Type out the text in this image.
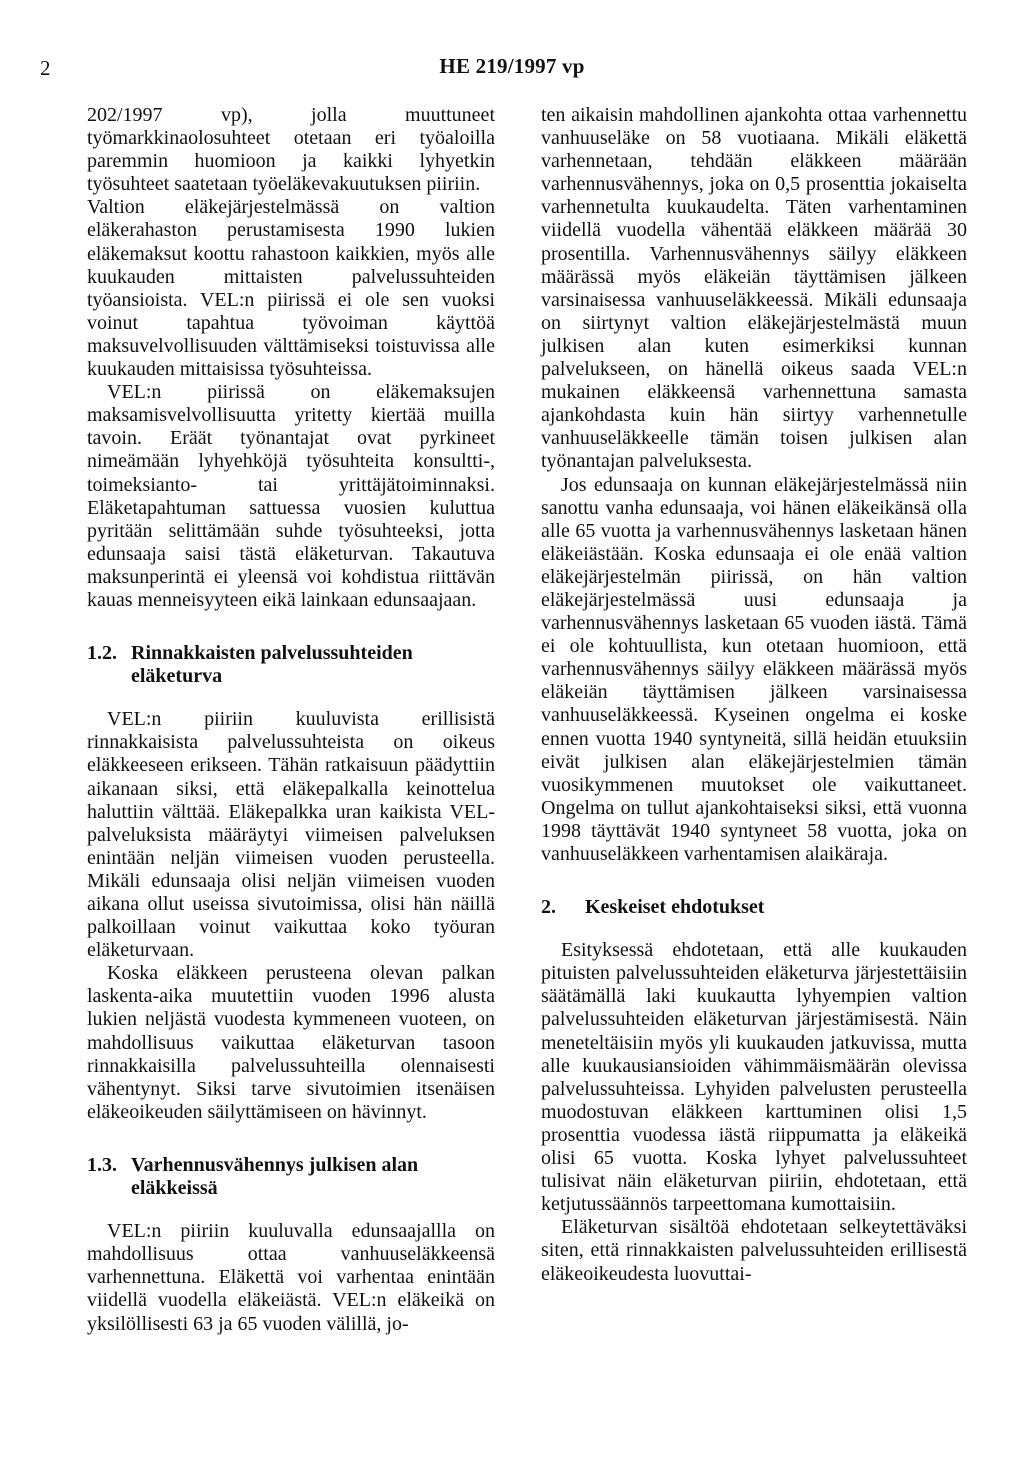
2	HE 219/1997 vp

202/1997 vp), jolla muuttuneet työmarkkinaolosuhteet otetaan eri työaloilla paremmin huomioon ja kaikki lyhyetkin työsuhteet saatetaan työeläkevakuutuksen piiriin.

Valtion eläkejärjestelmässä on valtion eläkerahaston perustamisesta 1990 lukien eläkemaksut koottu rahastoon kaikkien, myös alle kuukauden mittaisten palvelussuhteiden työansioista. VEL:n piirissä ei ole sen vuoksi voinut tapahtua työvoiman käyttöä maksuvelvollisuuden välttämiseksi toistuvissa alle kuukauden mittaisissa työsuhteissa.

VEL:n piirissä on eläkemaksujen maksamisvelvollisuutta yritetty kiertää muilla tavoin. Eräät työnantajat ovat pyrkineet nimeämään lyhyehköjä työsuhteita konsultti-, toimeksianto- tai yrittäjätoiminnaksi. Eläketapahtuman sattuessa vuosien kuluttua pyritään selittämään suhde työsuhteeksi, jotta edunsaaja saisi tästä eläketurvan. Takautuva maksunperintä ei yleensä voi kohdistua riittävän kauas menneisyyteen eikä lainkaan edunsaajaan.

1.2. Rinnakkaisten palvelussuhteiden eläketurva

VEL:n piiriin kuuluvista erillisistä rinnakkaisista palvelussuhteista on oikeus eläkkeeseen erikseen. Tähän ratkaisuun päädyttiin aikanaan siksi, että eläkepalkalla keinottelua haluttiin välttää. Eläkepalkka uran kaikista VEL-palveluksista määräytyi viimeisen palveluksen enintään neljän viimeisen vuoden perusteella. Mikäli edunsaaja olisi neljän viimeisen vuoden aikana ollut useissa sivutoimissa, olisi hän näillä palkoillaan voinut vaikuttaa koko työuran eläketurvaan.

Koska eläkkeen perusteena olevan palkan laskenta-aika muutettiin vuoden 1996 alusta lukien neljästä vuodesta kymmeneen vuoteen, on mahdollisuus vaikuttaa eläketurvan tasoon rinnakkaisilla palvelussuhteilla olennaisesti vähentynyt. Siksi tarve sivutoimien itsenäisen eläkeoikeuden säilyttämiseen on hävinnyt.

1.3. Varhennusvähennys julkisen alan eläkkeissä

VEL:n piiriin kuuluvalla edunsaajallla on mahdollisuus ottaa vanhuuseläkkeensä varhennettuna. Eläkettä voi varhentaa enintään viidellä vuodella eläkeiästä. VEL:n eläkeikä on yksilöllisesti 63 ja 65 vuoden välillä, jo-

ten aikaisin mahdollinen ajankohta ottaa varhennettu vanhuuseläke on 58 vuotiaana. Mikäli eläkettä varhennetaan, tehdään eläkkeen määrään varhennusvähennys, joka on 0,5 prosenttia jokaiselta varhennetulta kuukaudelta. Täten varhentaminen viidellä vuodella vähentää eläkkeen määrää 30 prosentilla. Varhennusvähennys säilyy eläkkeen määrässä myös eläkeiän täyttämisen jälkeen varsinaisessa vanhuuseläkkeessä. Mikäli edunsaaja on siirtynyt valtion eläkejärjestelmästä muun julkisen alan kuten esimerkiksi kunnan palvelukseen, on hänellä oikeus saada VEL:n mukainen eläkkeensä varhennettuna samasta ajankohdasta kuin hän siirtyy varhennetulle vanhuuseläkkeelle tämän toisen julkisen alan työnantajan palveluksesta.

Jos edunsaaja on kunnan eläkejärjestelmässä niin sanottu vanha edunsaaja, voi hänen eläkeikänsä olla alle 65 vuotta ja varhennusvähennys lasketaan hänen eläkeiästään. Koska edunsaaja ei ole enää valtion eläkejärjestelmän piirissä, on hän valtion eläkejärjestelmässä uusi edunsaaja ja varhennusvähennys lasketaan 65 vuoden iästä. Tämä ei ole kohtuullista, kun otetaan huomioon, että varhennusvähennys säilyy eläkkeen määrässä myös eläkeiän täyttämisen jälkeen varsinaisessa vanhuuseläkkeessä. Kyseinen ongelma ei koske ennen vuotta 1940 syntyneitä, sillä heidän etuuksiin eivät julkisen alan eläkejärjestelmien tämän vuosikymmenen muutokset ole vaikuttaneet. Ongelma on tullut ajankohtaiseksi siksi, että vuonna 1998 täyttävät 1940 syntyneet 58 vuotta, joka on vanhuuseläkkeen varhentamisen alaikäraja.

2.	Keskeiset ehdotukset

Esityksessä ehdotetaan, että alle kuukauden pituisten palvelussuhteiden eläketurva järjestettäisiin säätämällä laki kuukautta lyhyempien valtion palvelussuhteiden eläketurvan järjestämisestä. Näin meneteltäisiin myös yli kuukauden jatkuvissa, mutta alle kuukausiansioiden vähimmäismäärän olevissa palvelussuhteissa. Lyhyiden palvelusten perusteella muodostuvan eläkkeen karttuminen olisi 1,5 prosenttia vuodessa iästä riippumatta ja eläkeikä olisi 65 vuotta. Koska lyhyet palvelussuhteet tulisivat näin eläketurvan piiriin, ehdotetaan, että ketjutussäännös tarpeettomana kumottaisiin.

Eläketurvan sisältöä ehdotetaan selkeytettäväksi siten, että rinnakkaisten palvelussuhteiden erillisestä eläkeoikeudesta luovuttai-
